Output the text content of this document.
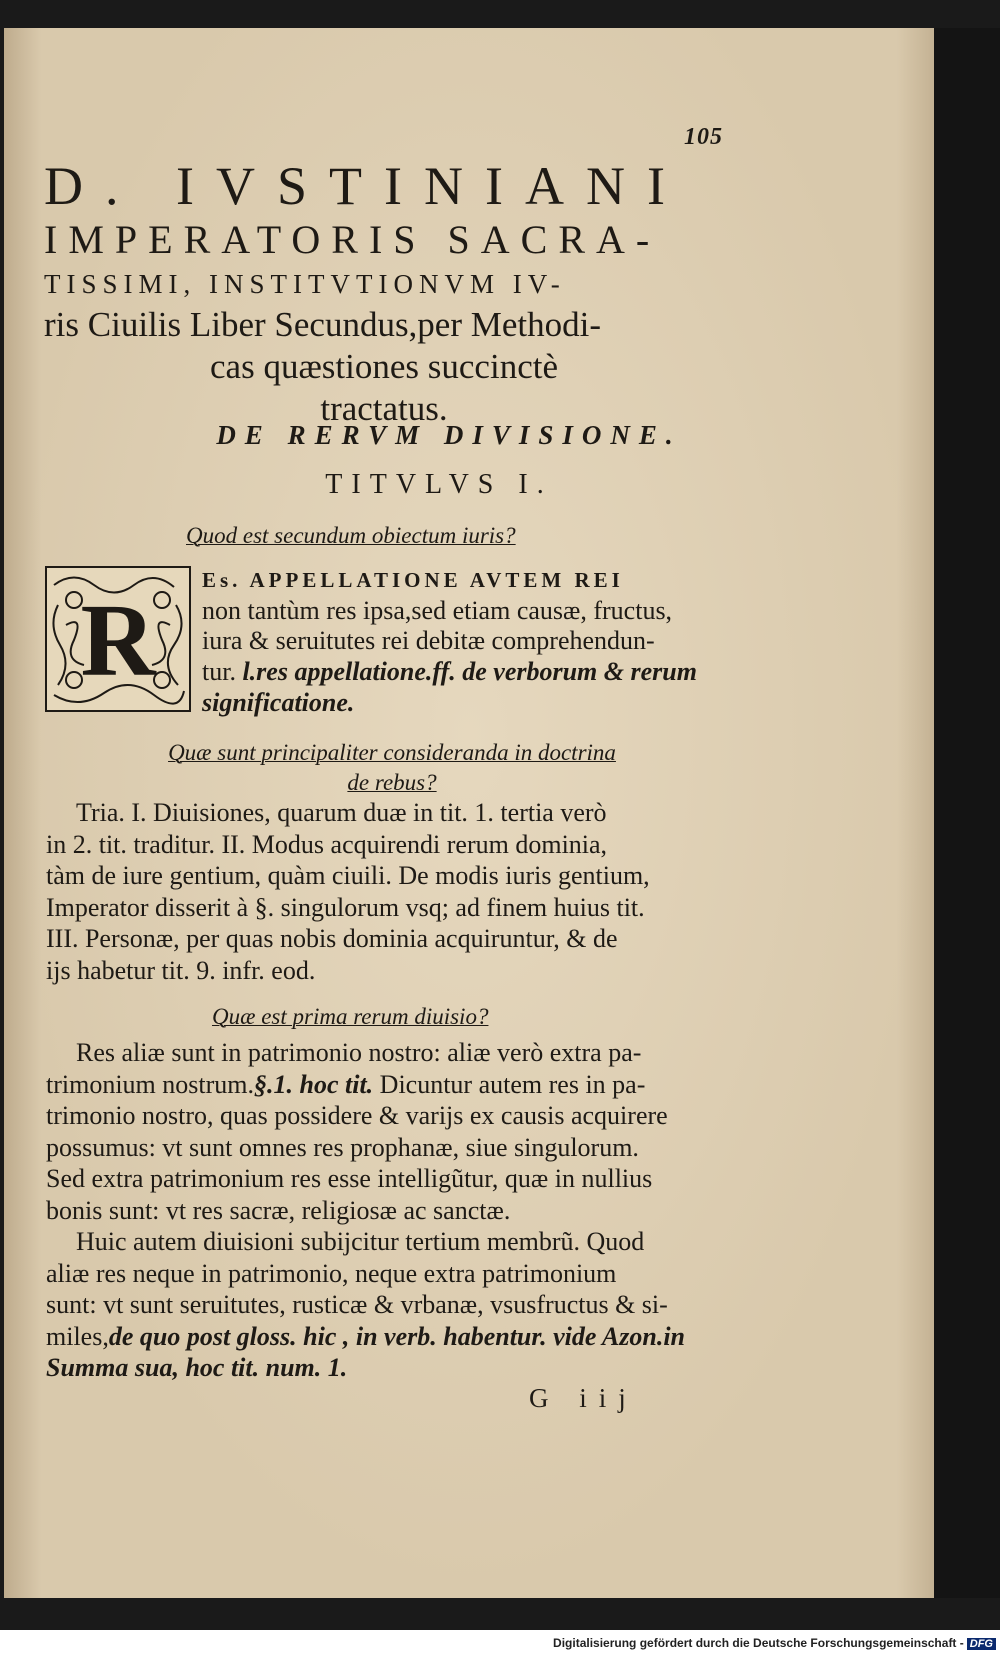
105
D. IVSTINIANI
IMPERATORIS SACRA-
TISSIMI, INSTITVTIONVM IV-
ris Ciuilis Liber Secundus,per Methodi-
cas quæstiones succinctè
tractatus.
DE RERVM DIVISIONE.
TITVLVS I.
Quod est secundum obiectum iuris?
R
Es. APPELLATIONE AVTEM REI
non tantùm res ipsa,sed etiam causæ, fructus,
iura & seruitutes rei debitæ comprehendun-
tur. l.res appellatione.ff. de verborum & rerum
significatione.
Quæ sunt principaliter consideranda in doctrina
de rebus?
Tria. I. Diuisiones, quarum duæ in tit. 1. tertia verò
in 2. tit. traditur. II. Modus acquirendi rerum dominia,
tàm de iure gentium, quàm ciuili. De modis iuris gentium,
Imperator disserit à §. singulorum vsq; ad finem huius tit.
III. Personæ, per quas nobis dominia acquiruntur, & de
ijs habetur tit. 9. infr. eod.
Quæ est prima rerum diuisio?
Res aliæ sunt in patrimonio nostro: aliæ verò extra pa-
trimonium nostrum.§.1. hoc tit. Dicuntur autem res in pa-
trimonio nostro, quas possidere & varijs ex causis acquirere
possumus: vt sunt omnes res prophanæ, siue singulorum.
Sed extra patrimonium res esse intelligũtur, quæ in nullius
bonis sunt: vt res sacræ, religiosæ ac sanctæ.
Huic autem diuisioni subijcitur tertium membrũ. Quod
aliæ res neque in patrimonio, neque extra patrimonium
sunt: vt sunt seruitutes, rusticæ & vrbanæ, vsusfructus & si-
miles,de quo post gloss. hic , in verb. habentur. vide Azon.in
Summa sua, hoc tit. num. 1.
G iij
Digitalisierung gefördert durch die Deutsche Forschungsgemeinschaft - DFG
